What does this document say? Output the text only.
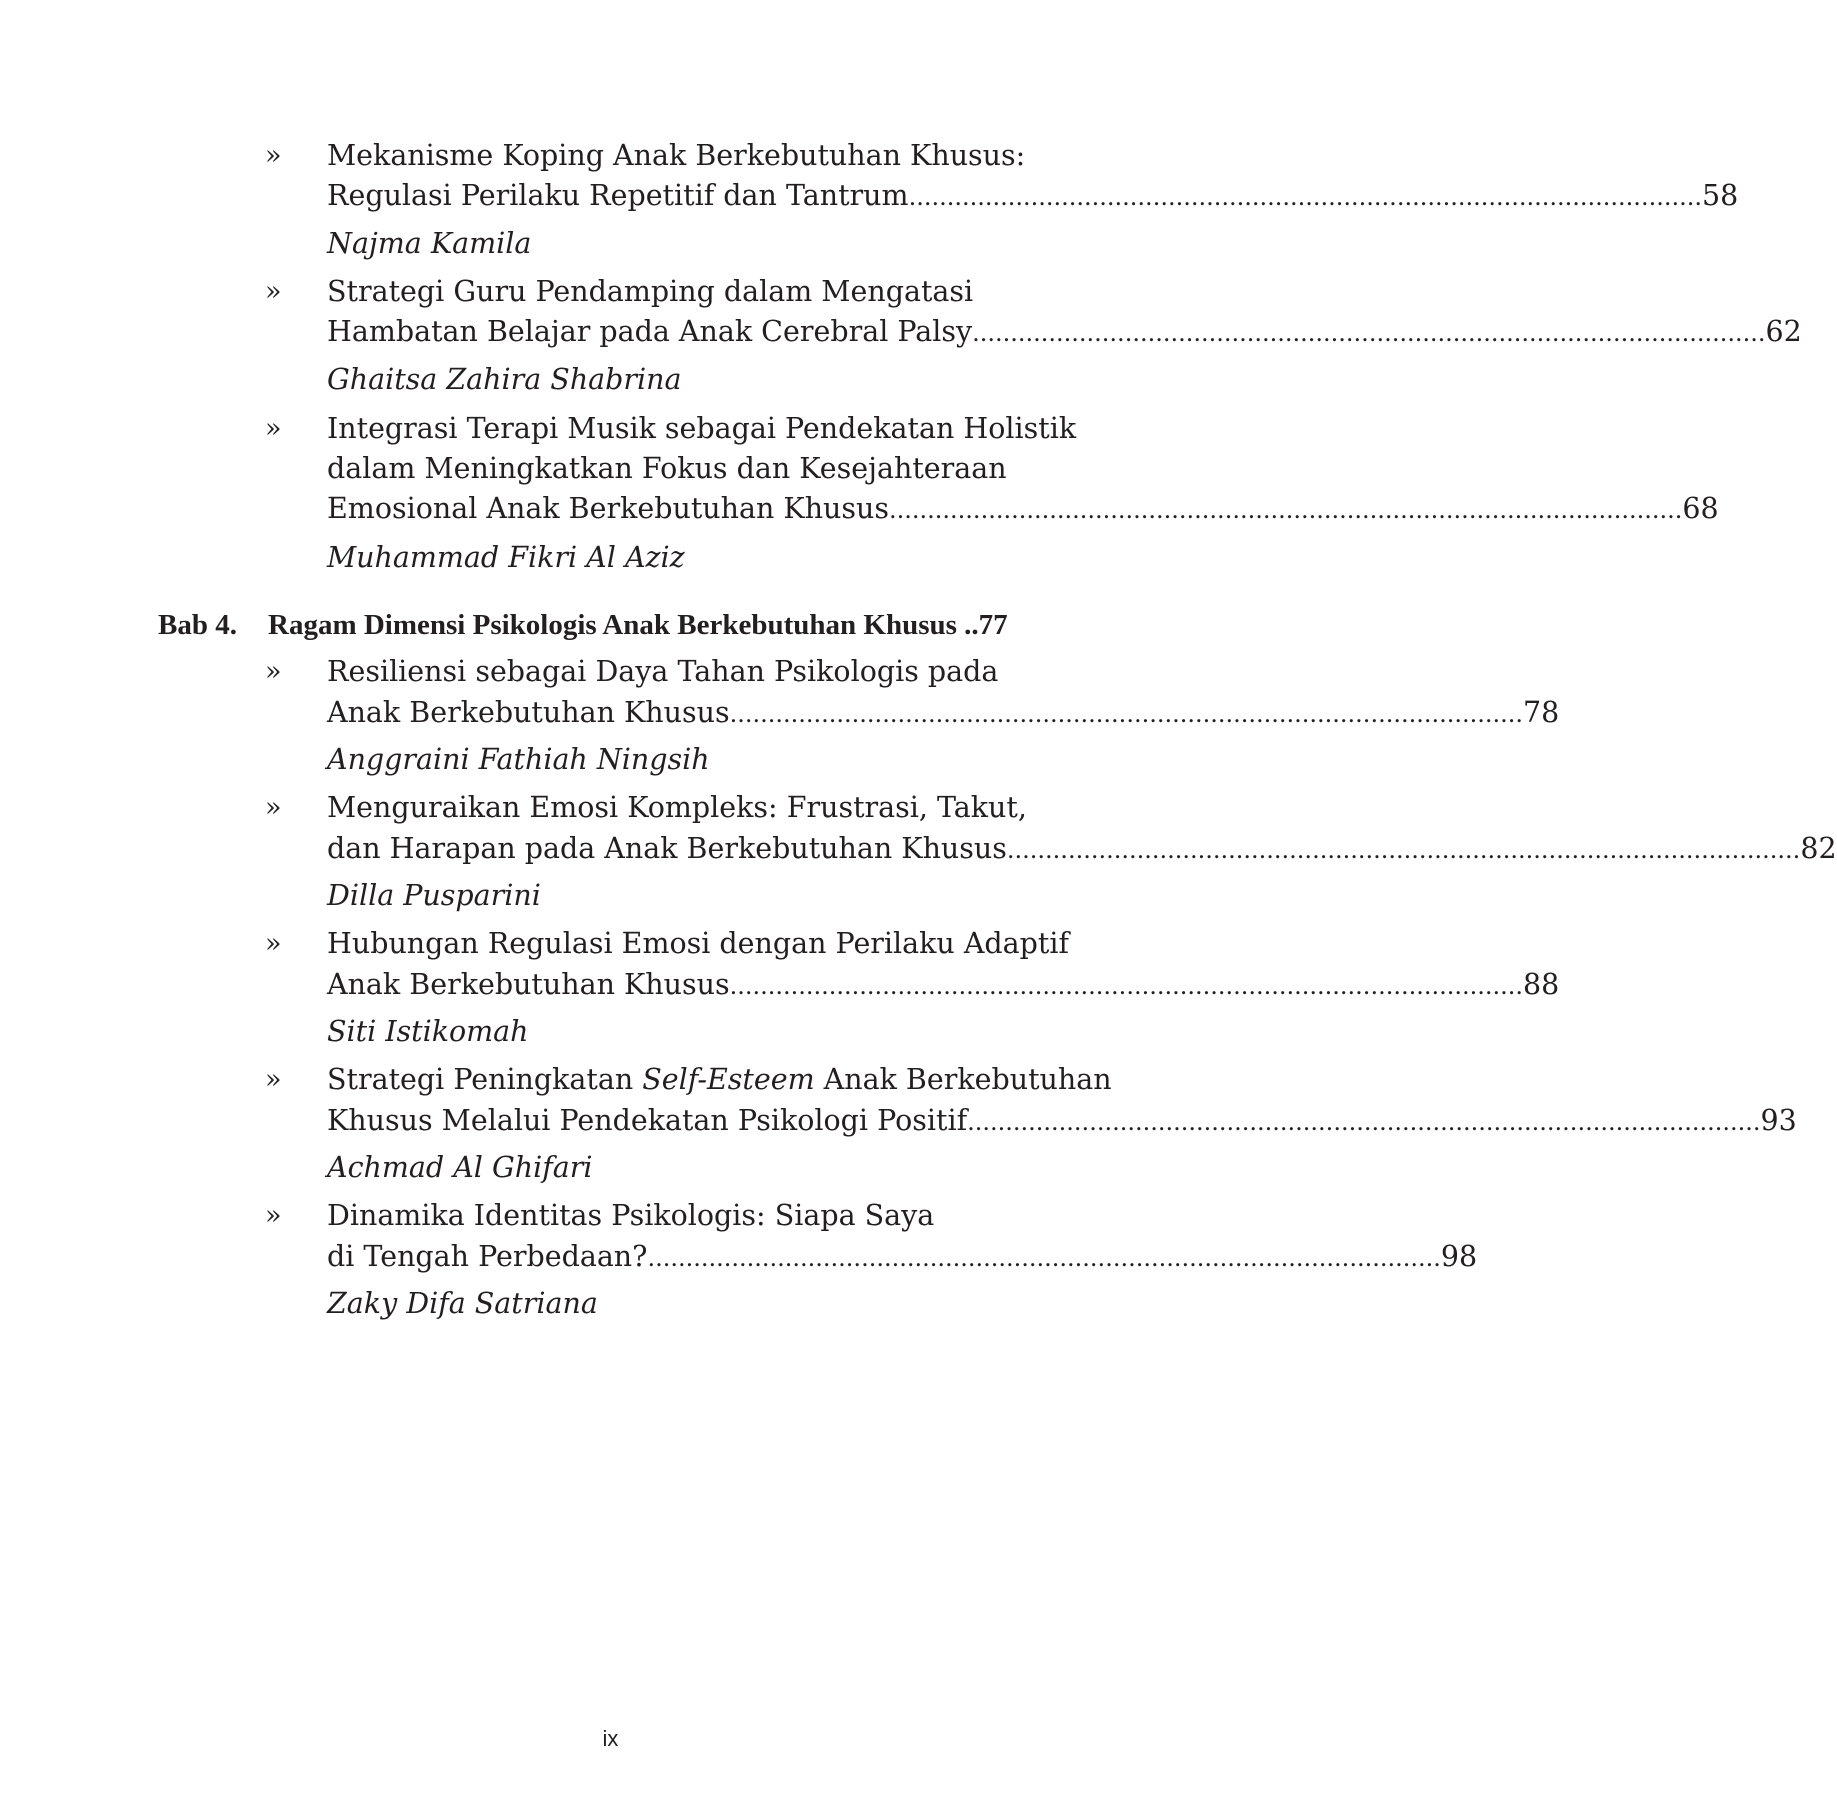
» Mekanisme Koping Anak Berkebutuhan Khusus:
Regulasi Perilaku Repetitif dan Tantrum ........................................................................................................ 58
Najma Kamila
» Strategi Guru Pendamping dalam Mengatasi
Hambatan Belajar pada Anak Cerebral Palsy ........................................................................................................ 62
Ghaitsa Zahira Shabrina
» Integrasi Terapi Musik sebagai Pendekatan Holistik
dalam Meningkatkan Fokus dan Kesejahteraan
Emosional Anak Berkebutuhan Khusus ........................................................................................................ 68
Muhammad Fikri Al Aziz
Bab 4. Ragam Dimensi Psikologis Anak Berkebutuhan Khusus ..77
» Resiliensi sebagai Daya Tahan Psikologis pada
Anak Berkebutuhan Khusus ........................................................................................................ 78
Anggraini Fathiah Ningsih
» Menguraikan Emosi Kompleks: Frustrasi, Takut,
dan Harapan pada Anak Berkebutuhan Khusus ........................................................................................................ 82
Dilla Pusparini
» Hubungan Regulasi Emosi dengan Perilaku Adaptif
Anak Berkebutuhan Khusus ........................................................................................................ 88
Siti Istikomah
» Strategi Peningkatan Self-Esteem Anak Berkebutuhan
Khusus Melalui Pendekatan Psikologi Positif ........................................................................................................ 93
Achmad Al Ghifari
» Dinamika Identitas Psikologis: Siapa Saya
di Tengah Perbedaan? ........................................................................................................ 98
Zaky Difa Satriana
ix
